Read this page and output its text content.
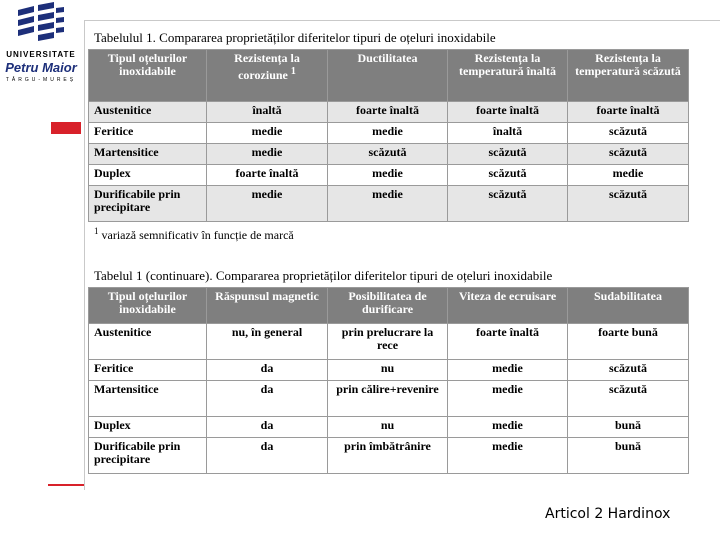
UNIVERSITATE
Petru Maior
TÂRGU-MUREȘ
Tabelulul 1. Compararea proprietăților diferitelor tipuri de oțeluri inoxidabile
Tipul oțelurilor inoxidabile	Rezistența la coroziune $^1$	Ductilitatea	Rezistența la temperatură înaltă	Rezistența la temperatură scăzută
Austenitice	înaltă	foarte înaltă	foarte înaltă	foarte înaltă
Feritice	medie	medie	înaltă	scăzută
Martensitice	medie	scăzută	scăzută	scăzută
Duplex	foarte înaltă	medie	scăzută	medie
Durificabile prin precipitare	medie	medie	scăzută	scăzută
$^1$ variază semnificativ în funcție de marcă
Tabelul 1 (continuare). Compararea proprietăților diferitelor tipuri de oțeluri inoxidabile
Tipul oțelurilor inoxidabile	Răspunsul magnetic	Posibilitatea de durificare	Viteza de ecruisare	Sudabilitatea
Austenitice	nu, în general	prin prelucrare la rece	foarte înaltă	foarte bună
Feritice	da	nu	medie	scăzută
Martensitice	da	prin călire+revenire	medie	scăzută
Duplex	da	nu	medie	bună
Durificabile prin precipitare	da	prin îmbătrânire	medie	bună
Articol 2 Hardinox
